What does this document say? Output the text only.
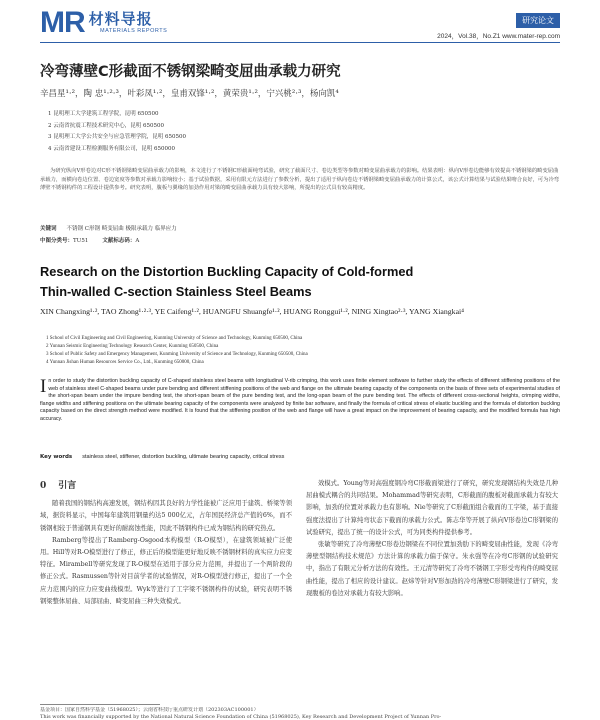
MR 材料导报
MATERIALS REPORTS
研究论文
2024，Vol.38，No.Z1 www.mater-rep.com
冷弯薄壁C形截面不锈钢梁畸变屈曲承载力研究
辛昌星¹·²，陶 忠¹·²·³，叶彩凤¹·²，皇甫双锋¹·²，黄荣贵¹·²，宁兴桃²·³，杨向凯⁴
1 昆明理工大学建筑工程学院，昆明 650500
2 云南省抗震工程技术研究中心，昆明 650500
3 昆明理工大学公共安全与应急管理学院，昆明 650500
4 云南省建设工程检测服务有限公司，昆明 650000
为研究纵向V形卷边对C形不锈钢梁畸变屈曲承载力的影响，本文进行了不锈钢C形截面纯弯试验，研究了截面尺寸、卷边类型等参数对畸变屈曲承载力的影响。结果表明：纵向V形卷边能够有效提高不锈钢梁的畸变屈曲承载力，而横向卷边位置、卷边宽度等参数对承载力影响较小；基于试验数据，采用有限元方法进行了参数分析，提出了适用于纵向卷边不锈钢梁畸变屈曲承载力的计算公式，该公式计算结果与试验结果吻合良好，可为冷弯薄壁不锈钢构件的工程设计提供参考。研究表明，腹板与翼缘的加劲作用对梁的畸变屈曲承载力具有较大影响，所提出的公式具有较高精度。
关键词 不锈钢 C形钢 畸变屈曲 极限承载力 临界应力
中图分类号：TU51	文献标志码：A
Research on the Distortion Buckling Capacity of Cold-formed
Thin-walled C-section Stainless Steel Beams
XIN Changxing¹·², TAO Zhong¹·²·³, YE Caifeng¹·², HUANGFU Shuangfe¹·², HUANG Ronggui¹·², NING Xingtao²·³, YANG Xiangkai⁴
1 School of Civil Engineering and Civil Engineering, Kunming University of Science and Technology, Kunming 650500, China
2 Yunnan Seismic Engineering Technology Research Center, Kunming 650500, China
3 School of Public Safety and Emergency Management, Kunming University of Science and Technology, Kunming 650500, China
4 Yunnan Jishan Human Resources Service Co., Ltd., Kunming 650000, China
In order to study the distortion buckling capacity of C-shaped stainless steel beams with longitudinal V-rib crimping, this work uses finite element software to further study the effects of different stiffening positions of the web of stainless steel C-shaped beams under pure bending and different stiffening positions of the web and flange on the ultimate bearing capacity of the components on the basis of three sets of experimental studies of the short-span beam under the impure bending test, the short-span beam of the pure bending test, and the long-span beam of the pure bending test. The effects of different cross-sectional heights, crimping widths, flange widths and stiffening positions on the ultimate bearing capacity of the components were analyzed by finite bar software, and finally the formula of critical stress of elastic buckling and the formula of distortion buckling capacity based on the direct strength method were modified. It is found that the stiffening position of the web and flange will have a great impact on the improvement of bearing capacity, and the modified formula has high accuracy.
Key words stainless steel, stiffener, distortion buckling, ultimate bearing capacity, critical stress
0 引言

随着我国的钢结构高速发展，钢结构因其良好的力学性能被广泛应用于建筑、桥梁等领域，据资料显示，中国每年建筑用钢量约达5 000亿元，占年国民经济总产值的6%，而不锈钢相较于普通钢具有更好的耐腐蚀性能，因此不锈钢构件已成为钢结构的研究热点。

Ramberg等提出了Ramberg-Osgood本构模型（R-O模型），在建筑领域被广泛使用。Hill等对R-O模型进行了修正，修正后的模型能更好地反映不锈钢材料的真实应力应变特征。Mirambell等研究发现了R-O模型在适用于部分应力范围，并提出了一个两阶段的修正公式。Rasmussen等针对目前学者的试验情况，对R-O模型进行修正，提出了一个全应力范围内的应力应变曲线模型。Wyk等进行了工字梁不锈钢构件的试验，研究表明不锈钢梁整体屈曲、局部屈曲、畸变屈曲三种失效模式。

效模式。Young等对高强度钢冷弯C形截面梁进行了研究，研究发现钢结构失效是几种屈曲模式耦合的共同结果。Mohammad等研究表明，C形截面的腹板对截面承载力有较大影响，加劲的位置对承载力也有影响。Nie等研究了C形截面组合截面的工字梁，基于直接强度法提出了计算纯弯状态下截面的承载力公式。陈志华等开展了纵向V形卷边C形钢梁的试验研究，提出了统一的设计公式，可为同类构件提供参考。

张敏等研究了冷弯薄壁C形卷边钢梁在不同位置加劲肋下的畸变屈曲性能，发现《冷弯薄壁型钢结构技术规范》方法计算的承载力偏于保守。朱永强等在冷弯C形钢的试验研究中，指出了有限元分析方法的有效性。王元清等研究了冷弯不锈钢工字形受弯构件的畸变屈曲性能，提出了相应的设计建议。赵炜等针对V形加劲的冷弯薄壁C形钢梁进行了研究，发现腹板的卷边对承载力有较大影响。

基金项目：国家自然科学基金（51968025）；云南省科技厅重点研发计划（202303AC100001）
This work was financially supported by the National Natural Science Foundation of China (51968025), Key Research and Development Project of Yunnan Pro-
